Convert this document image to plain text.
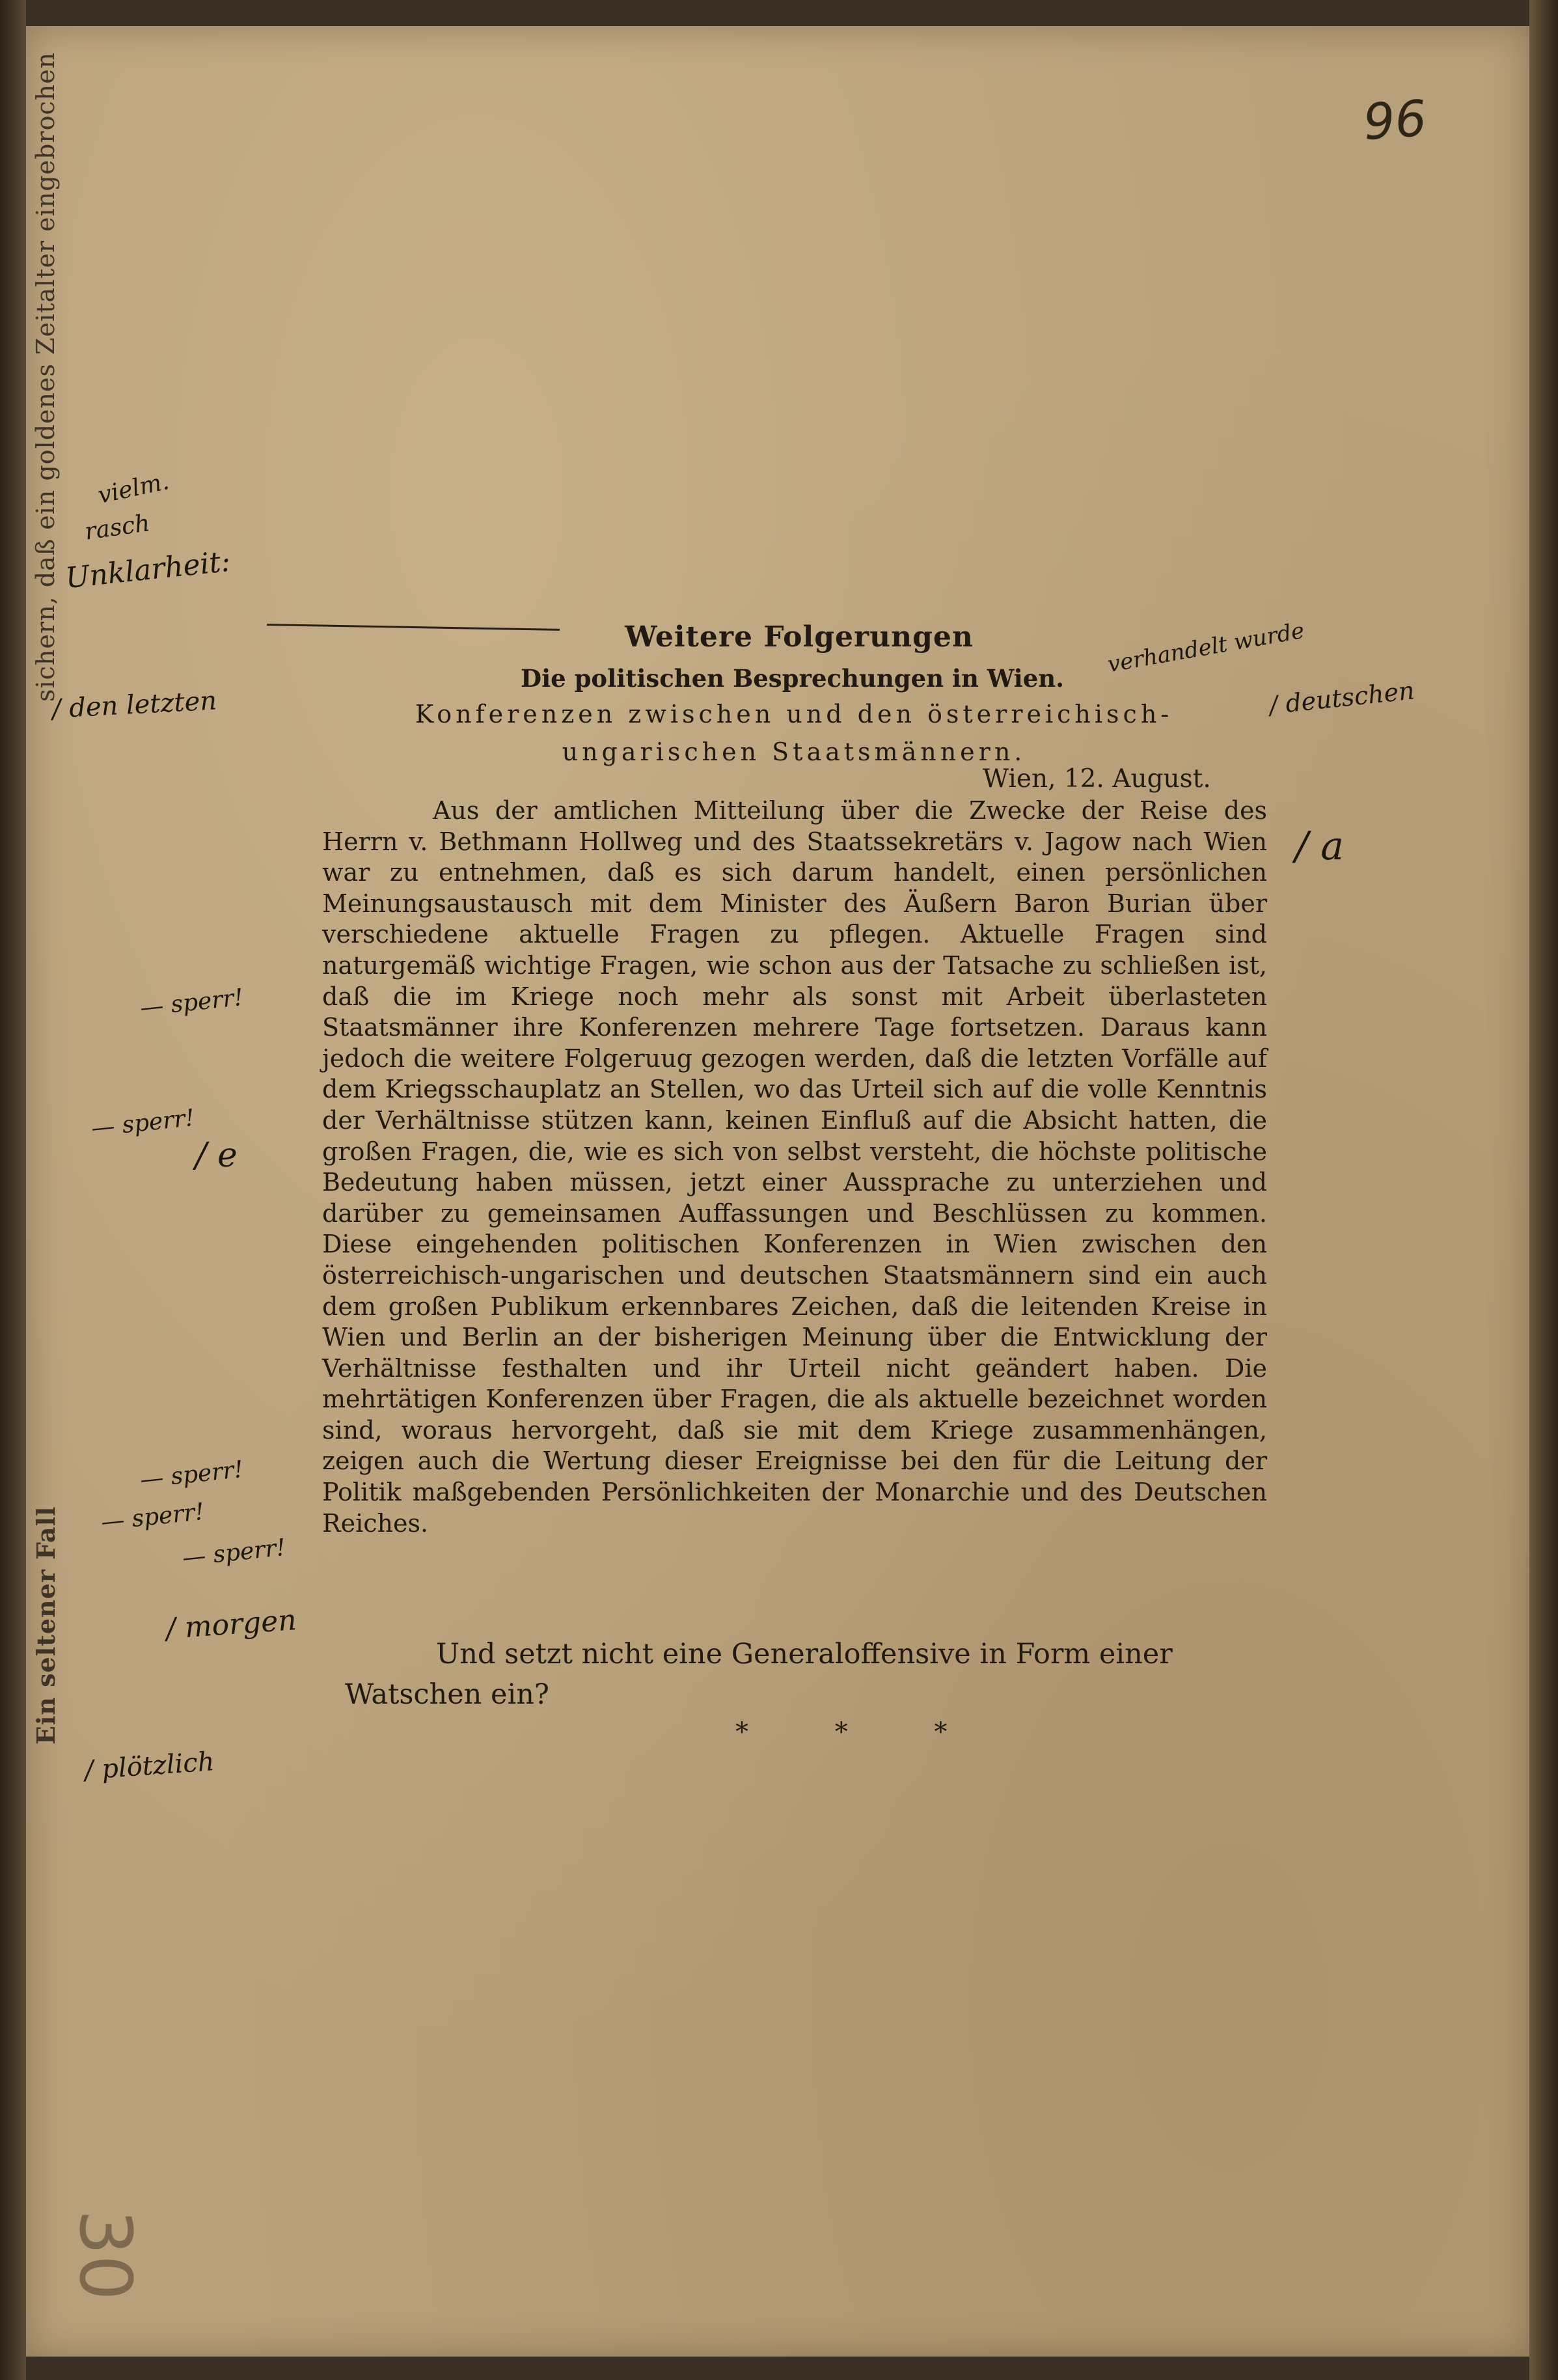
Ein seltener Fall
sichern, daß ein goldenes Zeitalter eingebrochen	96
30
Weitere Folgerungen
Die politischen Besprechungen in Wien.
Konferenzen zwischen und den österreichisch-ungarischen Staatsmännern.
Wien, 12. August.
Aus der amtlichen Mitteilung über die Zwecke der Reise des Herrn v. Bethmann Hollweg und des Staatssekretärs v. Jagow nach Wien war zu entnehmen, daß es sich darum handelt, einen persönlichen Meinungsaustausch mit dem Minister des Äußern Baron Burian über verschiedene aktuelle Fragen zu pflegen. Aktuelle Fragen sind naturgemäß wichtige Fragen, wie schon aus der Tatsache zu schließen ist, daß die im Kriege noch mehr als sonst mit Arbeit überlasteten Staatsmänner ihre Konferenzen mehrere Tage fortsetzen. Daraus kann jedoch die weitere Folgeruug gezogen werden, daß die letzten Vorfälle auf dem Kriegsschauplatz an Stellen, wo das Urteil sich auf die volle Kenntnis der Verhältnisse stützen kann, keinen Einfluß auf die Absicht hatten, die großen Fragen, die, wie es sich von selbst versteht, die höchste politische Bedeutung haben müssen, jetzt einer Aussprache zu unterziehen und darüber zu gemeinsamen Auffassungen und Beschlüssen zu kommen. Diese eingehenden politischen Konferenzen in Wien zwischen den österreichisch-ungarischen und deutschen Staatsmännern sind ein auch dem großen Publikum erkennbares Zeichen, daß die leitenden Kreise in Wien und Berlin an der bisherigen Meinung über die Entwicklung der Verhältnisse festhalten und ihr Urteil nicht geändert haben. Die mehrtätigen Konferenzen über Fragen, die als aktuelle bezeichnet worden sind, woraus hervorgeht, daß sie mit dem Kriege zusammenhängen, zeigen auch die Wertung dieser Ereignisse bei den für die Leitung der Politik maßgebenden Persönlichkeiten der Monarchie und des Deutschen Reiches.
Und setzt nicht eine Generaloffensive in Form einer Watschen ein?
* * *
vielm.
rasch
Unklarheit:
/ den letzten
verhandelt wurde
/ deutschen
/ a
— sperr!
— sperr!
/ e
— sperr!
— sperr!
— sperr!
/ morgen
/ plötzlich
